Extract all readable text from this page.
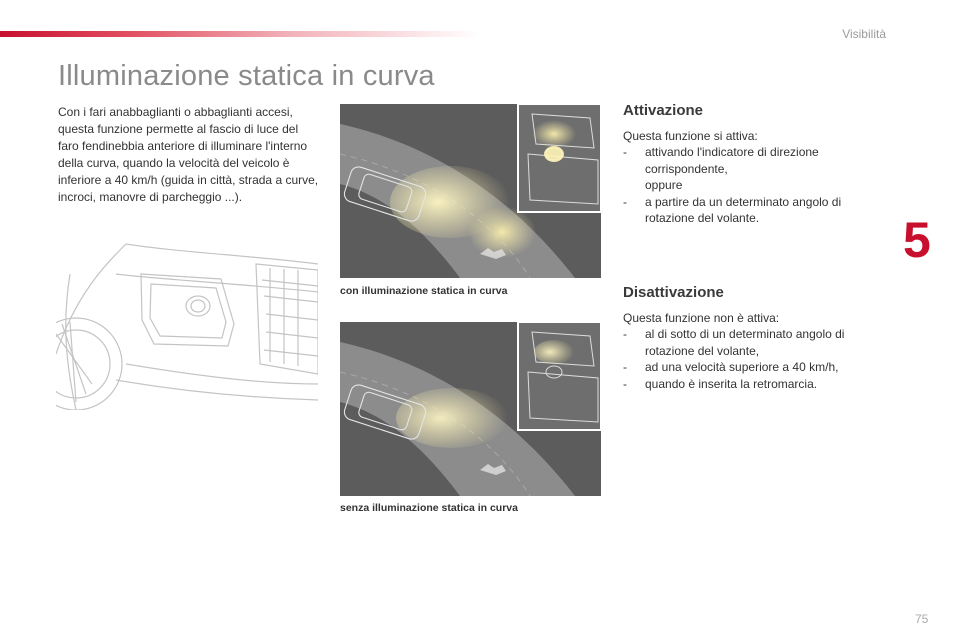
Visibilità
Illuminazione statica in curva

Con i fari anabbaglianti o abbaglianti accesi, questa funzione permette al fascio di luce del faro fendinebbia anteriore di illuminare l'interno della curva, quando la velocità del veicolo è inferiore a 40 km/h (guida in città, strada a curve, incroci, manovre di parcheggio ...).

con illuminazione statica in curva
senza illuminazione statica in curva
Attivazione

Questa funzione si attiva:

- attivando l'indicatore di direzione
corrispondente,
oppure
- a partire da un determinato angolo di
rotazione del volante.
Disattivazione

Questa funzione non è attiva:

- al di sotto di un determinato angolo di
rotazione del volante,
- ad una velocità superiore a 40 km/h,
- quando è inserita la retromarcia.
5
75
